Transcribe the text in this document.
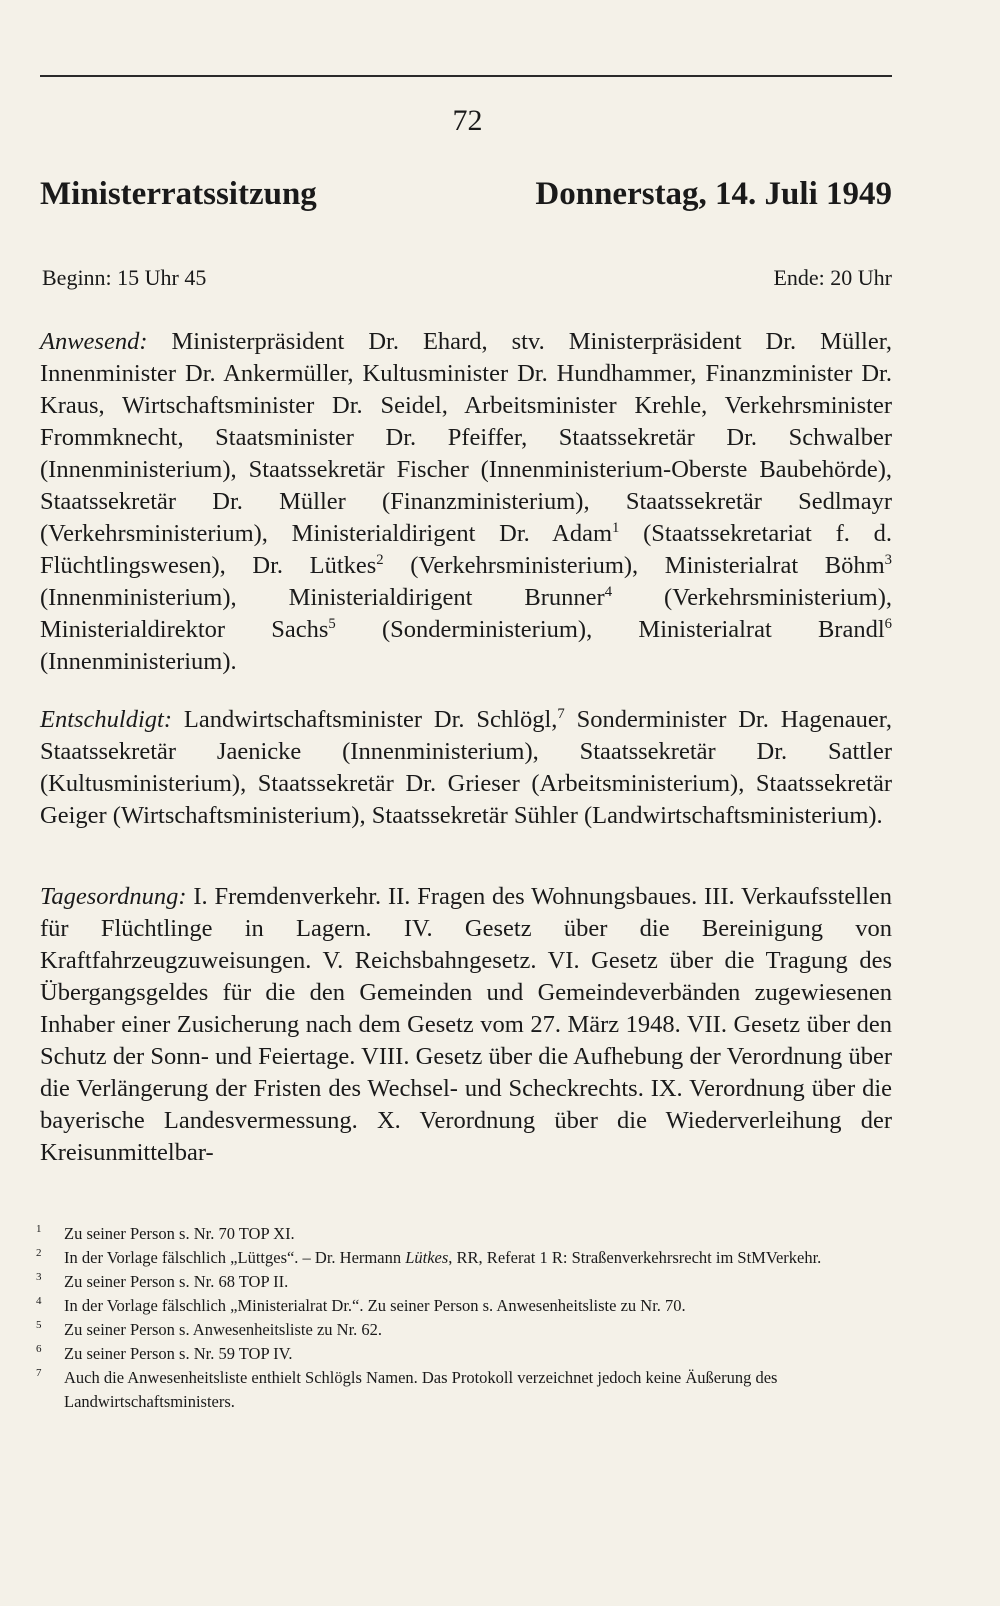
72
Ministerratssitzung	Donnerstag, 14. Juli 1949
Beginn: 15 Uhr 45	Ende: 20 Uhr
Anwesend: Ministerpräsident Dr. Ehard, stv. Ministerpräsident Dr. Müller, Innenminister Dr. Ankermüller, Kultusminister Dr. Hundhammer, Finanzminister Dr. Kraus, Wirtschaftsminister Dr. Seidel, Arbeitsminister Krehle, Verkehrsminister Frommknecht, Staatsminister Dr. Pfeiffer, Staatssekretär Dr. Schwalber (Innenministerium), Staatssekretär Fischer (Innenministerium-Oberste Baubehörde), Staatssekretär Dr. Müller (Finanzministerium), Staatssekretär Sedlmayr (Verkehrsministerium), Ministerialdirigent Dr. Adam$^1$ (Staatssekretariat f. d. Flüchtlingswesen), Dr. Lütkes$^2$ (Verkehrsministerium), Ministerialrat Böhm$^3$ (Innenministerium), Ministerialdirigent Brunner$^4$ (Verkehrsministerium), Ministerialdirektor Sachs$^5$ (Sonderministerium), Ministerialrat Brandl$^6$ (Innenministerium).
Entschuldigt: Landwirtschaftsminister Dr. Schlögl,$^7$ Sonderminister Dr. Hagenauer, Staatssekretär Jaenicke (Innenministerium), Staatssekretär Dr. Sattler (Kultusministerium), Staatssekretär Dr. Grieser (Arbeitsministerium), Staatssekretär Geiger (Wirtschaftsministerium), Staatssekretär Sühler (Landwirtschaftsministerium).
Tagesordnung: I. Fremdenverkehr. II. Fragen des Wohnungsbaues. III. Verkaufsstellen für Flüchtlinge in Lagern. IV. Gesetz über die Bereinigung von Kraftfahrzeugzuweisungen. V. Reichsbahngesetz. VI. Gesetz über die Tragung des Übergangsgeldes für die den Gemeinden und Gemeindeverbänden zugewiesenen Inhaber einer Zusicherung nach dem Gesetz vom 27. März 1948. VII. Gesetz über den Schutz der Sonn- und Feiertage. VIII. Gesetz über die Aufhebung der Verordnung über die Verlängerung der Fristen des Wechsel- und Scheckrechts. IX. Verordnung über die bayerische Landesvermessung. X. Verordnung über die Wiederverleihung der Kreisunmittelbar-
1 Zu seiner Person s. Nr. 70 TOP XI.
2 In der Vorlage fälschlich „Lüttges“. – Dr. Hermann Lütkes, RR, Referat 1 R: Straßenverkehrsrecht im StMVerkehr.
3 Zu seiner Person s. Nr. 68 TOP II.
4 In der Vorlage fälschlich „Ministerialrat Dr.“. Zu seiner Person s. Anwesenheitsliste zu Nr. 70.
5 Zu seiner Person s. Anwesenheitsliste zu Nr. 62.
6 Zu seiner Person s. Nr. 59 TOP IV.
7 Auch die Anwesenheitsliste enthielt Schlögls Namen. Das Protokoll verzeichnet jedoch keine Äußerung des Landwirtschaftsministers.
